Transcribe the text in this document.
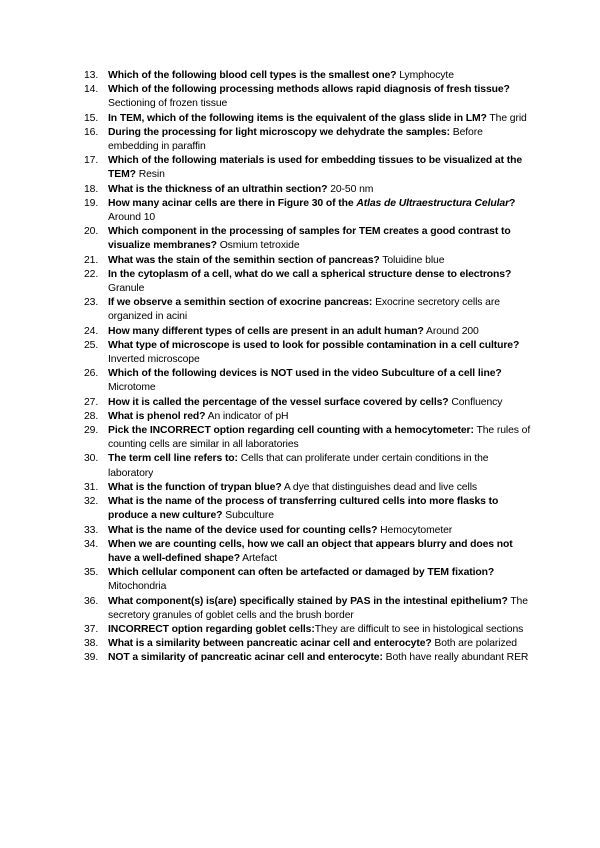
13. Which of the following blood cell types is the smallest one? Lymphocyte
14. Which of the following processing methods allows rapid diagnosis of fresh tissue? Sectioning of frozen tissue
15. In TEM, which of the following items is the equivalent of the glass slide in LM? The grid
16. During the processing for light microscopy we dehydrate the samples: Before embedding in paraffin
17. Which of the following materials is used for embedding tissues to be visualized at the TEM? Resin
18. What is the thickness of an ultrathin section? 20-50 nm
19. How many acinar cells are there in Figure 30 of the Atlas de Ultraestructura Celular? Around 10
20. Which component in the processing of samples for TEM creates a good contrast to visualize membranes? Osmium tetroxide
21. What was the stain of the semithin section of pancreas? Toluidine blue
22. In the cytoplasm of a cell, what do we call a spherical structure dense to electrons? Granule
23. If we observe a semithin section of exocrine pancreas: Exocrine secretory cells are organized in acini
24. How many different types of cells are present in an adult human? Around 200
25. What type of microscope is used to look for possible contamination in a cell culture? Inverted microscope
26. Which of the following devices is NOT used in the video Subculture of a cell line? Microtome
27. How it is called the percentage of the vessel surface covered by cells? Confluency
28. What is phenol red? An indicator of pH
29. Pick the INCORRECT option regarding cell counting with a hemocytometer: The rules of counting cells are similar in all laboratories
30. The term cell line refers to: Cells that can proliferate under certain conditions in the laboratory
31. What is the function of trypan blue? A dye that distinguishes dead and live cells
32. What is the name of the process of transferring cultured cells into more flasks to produce a new culture? Subculture
33. What is the name of the device used for counting cells? Hemocytometer
34. When we are counting cells, how we call an object that appears blurry and does not have a well-defined shape? Artefact
35. Which cellular component can often be artefacted or damaged by TEM fixation? Mitochondria
36. What component(s) is(are) specifically stained by PAS in the intestinal epithelium? The secretory granules of goblet cells and the brush border
37. INCORRECT option regarding goblet cells:They are difficult to see in histological sections
38. What is a similarity between pancreatic acinar cell and enterocyte? Both are polarized
39. NOT a similarity of pancreatic acinar cell and enterocyte: Both have really abundant RER
